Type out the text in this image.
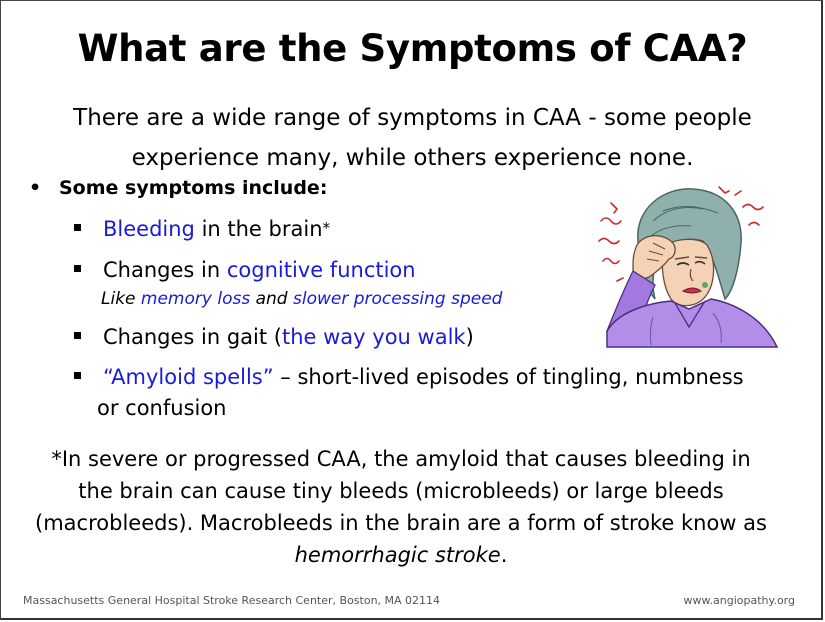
What are the Symptoms of CAA?
There are a wide range of symptoms in CAA - some people experience many, while others experience none.
• Some symptoms include:
Bleeding in the brain*
Changes in cognitive function
Like memory loss and slower processing speed
Changes in gait (the way you walk)
“Amyloid spells” – short-lived episodes of tingling, numbness
or confusion
*In severe or progressed CAA, the amyloid that causes bleeding in the brain can cause tiny bleeds (microbleeds) or large bleeds (macrobleeds). Macrobleeds in the brain are a form of stroke know as hemorrhagic stroke.
Massachusetts General Hospital Stroke Research Center, Boston, MA 02114	www.angiopathy.org
